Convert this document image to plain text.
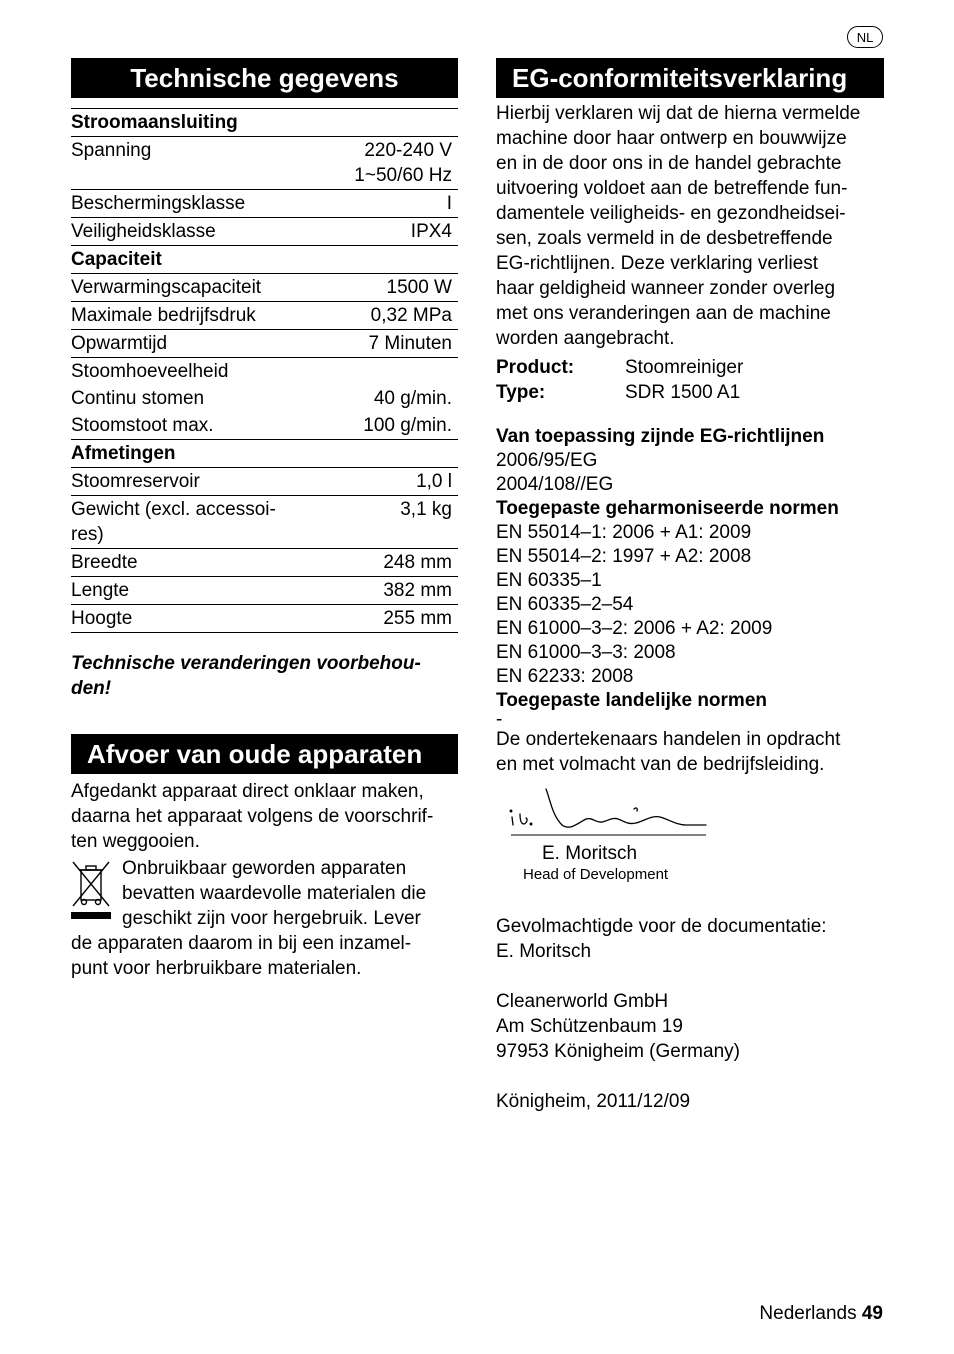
NL
Technische gegevens
Stroomaansluiting	
Spanning	220-240 V
1~50/60 Hz
Beschermingsklasse	I
Veiligheidsklasse	IPX4
Capaciteit	
Verwarmingscapaciteit	1500 W
Maximale bedrijfsdruk	0,32 MPa
Opwarmtijd	7 Minuten
Stoomhoeveelheid	
Continu stomen	40 g/min.
Stoomstoot max.	100 g/min.
Afmetingen	
Stoomreservoir	1,0 l
Gewicht (excl. accessoi-
res)	3,1 kg
Breedte	248 mm
Lengte	382 mm
Hoogte	255 mm
Technische veranderingen voorbehou-
den!
Afvoer van oude apparaten
Afgedankt apparaat direct onklaar maken,
daarna het apparaat volgens de voorschrif-
ten weggooien.
Onbruikbaar geworden apparaten
bevatten waardevolle materialen die
geschikt zijn voor hergebruik. Lever
de apparaten daarom in bij een inzamel-
punt voor herbruikbare materialen.
EG-conformiteitsverklaring
Hierbij verklaren wij dat de hierna vermelde
machine door haar ontwerp en bouwwijze
en in de door ons in de handel gebrachte
uitvoering voldoet aan de betreffende fun-
damentele veiligheids- en gezondheidsei-
sen, zoals vermeld in de desbetreffende
EG-richtlijnen. Deze verklaring verliest
haar geldigheid wanneer zonder overleg
met ons veranderingen aan de machine
worden aangebracht.
Product:	Stoomreiniger
Type:	SDR 1500 A1
Van toepassing zijnde EG-richtlijnen
2006/95/EG
2004/108//EG
Toegepaste geharmoniseerde normen
EN 55014–1: 2006 + A1: 2009
EN 55014–2: 1997 + A2: 2008
EN 60335–1
EN 60335–2–54
EN 61000–3–2: 2006 + A2: 2009
EN 61000–3–3: 2008
EN 62233: 2008
Toegepaste landelijke normen
-
De ondertekenaars handelen in opdracht
en met volmacht van de bedrijfsleiding.
E. Moritsch
Head of Development
Gevolmachtigde voor de documentatie:
E. Moritsch
Cleanerworld GmbH
Am Schützenbaum 19
97953 Königheim (Germany)
Königheim, 2011/12/09
Nederlands 49
